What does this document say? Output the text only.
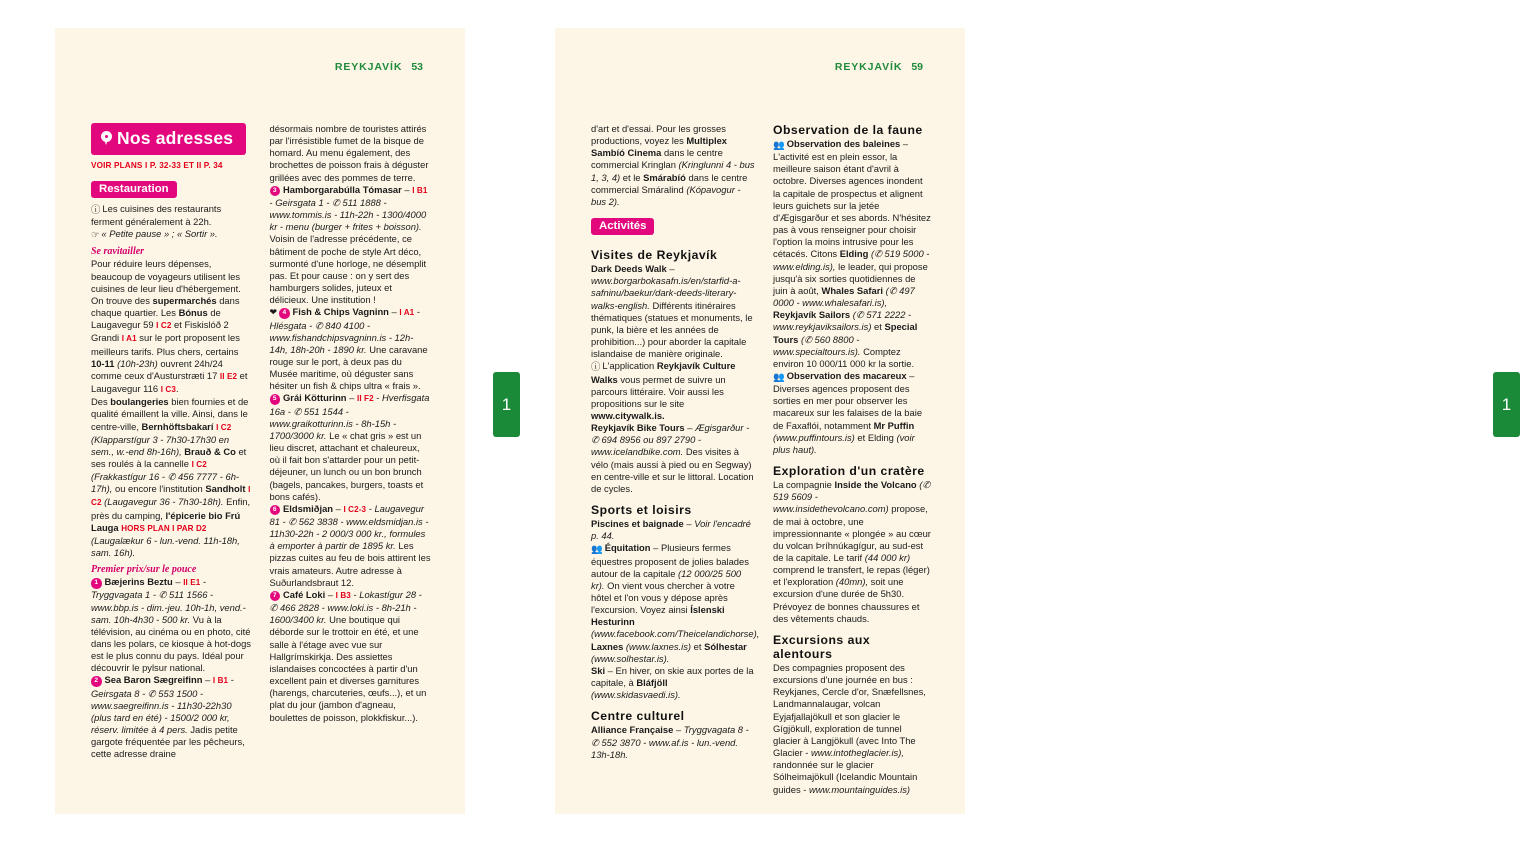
REYKJAVÍK 53
Nos adresses
VOIR PLANS I P. 32-33 ET II P. 34
Restauration
ⓘ Les cuisines des restaurants ferment généralement à 22h.
☞ « Petite pause » ; « Sortir ».
Se ravitailler
Pour réduire leurs dépenses, beaucoup de voyageurs utilisent les cuisines de leur lieu d'hébergement. On trouve des supermarchés dans chaque quartier. Les Bónus de Laugavegur 59 I C2 et Fiskislóð 2 Grandi I A1 sur le port proposent les meilleurs tarifs. Plus chers, certains 10-11 (10h-23h) ouvrent 24h/24 comme ceux d'Austurstræti 17 II E2 et Laugavegur 116 I C3.
Des boulangeries bien fournies et de qualité émaillent la ville. Ainsi, dans le centre-ville, Bernhöftsbakarí I C2 (Klapparstígur 3 - 7h30-17h30 en sem., w.-end 8h-16h), Brauð & Co et ses roulés à la cannelle I C2 (Frakkastígur 16 - ✆ 456 7777 - 6h-17h), ou encore l'institution Sandholt I C2 (Laugavegur 36 - 7h30-18h). Enfin, près du camping, l'épicerie bio Frú Lauga HORS PLAN I PAR D2 (Laugalækur 6 - lun.-vend. 11h-18h, sam. 16h).
Premier prix/sur le pouce
1 Bæjerins Beztu – II E1 - Tryggvagata 1 - ✆ 511 1566 - www.bbp.is - dim.-jeu. 10h-1h, vend.-sam. 10h-4h30 - 500 kr. Vu à la télévision, au cinéma ou en photo, cité dans les polars, ce kiosque à hot-dogs est le plus connu du pays. Idéal pour découvrir le pylsur national.
2 Sea Baron Sægreifinn – I B1 - Geirsgata 8 - ✆ 553 1500 - www.saegreifinn.is - 11h30-22h30 (plus tard en été) - 1500/2 000 kr, réserv. limitée à 4 pers. Jadis petite gargote fréquentée par les pêcheurs, cette adresse draine
désormais nombre de touristes attirés par l'irrésistible fumet de la bisque de homard. Au menu également, des brochettes de poisson frais à déguster grillées avec des pommes de terre.
3 Hamborgarabúlla Tómasar – I B1 - Geirsgata 1 - ✆ 511 1888 - www.tommis.is - 11h-22h - 1300/4000 kr - menu (burger + frites + boisson). Voisin de l'adresse précédente, ce bâtiment de poche de style Art déco, surmonté d'une horloge, ne désemplit pas. Et pour cause : on y sert des hamburgers solides, juteux et délicieux. Une institution !
❤ 4 Fish & Chips Vagninn – I A1 - Hlésgata - ✆ 840 4100 - www.fishandchipsvagninn.is - 12h-14h, 18h-20h - 1890 kr. Une caravane rouge sur le port, à deux pas du Musée maritime, où déguster sans hésiter un fish & chips ultra « frais ».
5 Grái Kötturinn – II F2 - Hverfisgata 16a - ✆ 551 1544 - www.graikotturinn.is - 8h-15h - 1700/3000 kr. Le « chat gris » est un lieu discret, attachant et chaleureux, où il fait bon s'attarder pour un petit-déjeuner, un lunch ou un bon brunch (bagels, pancakes, burgers, toasts et bons cafés).
6 Eldsmiðjan – I C2-3 - Laugavegur 81 - ✆ 562 3838 - www.eldsmidjan.is - 11h30-22h - 2 000/3 000 kr., formules à emporter à partir de 1895 kr. Les pizzas cuites au feu de bois attirent les vrais amateurs. Autre adresse à Suðurlandsbraut 12.
7 Café Loki – I B3 - Lokastígur 28 - ✆ 466 2828 - www.loki.is - 8h-21h - 1600/3400 kr. Une boutique qui déborde sur le trottoir en été, et une salle à l'étage avec vue sur Hallgrímskirkja. Des assiettes islandaises concoctées à partir d'un excellent pain et diverses garnitures (harengs, charcuteries, œufs...), et un plat du jour (jambon d'agneau, boulettes de poisson, plokkfiskur...).
1
REYKJAVÍK 59
d'art et d'essai. Pour les grosses productions, voyez les Multiplex Sambíó Cinema dans le centre commercial Kringlan (Kringlunni 4 - bus 1, 3, 4) et le Smárabíó dans le centre commercial Smáralind (Kópavogur - bus 2).
Activités
Visites de Reykjavík
Dark Deeds Walk – www.borgarbokasafn.is/en/starfid-a-safninu/baekur/dark-deeds-literary-walks-english. Différents itinéraires thématiques (statues et monuments, le punk, la bière et les années de prohibition...) pour aborder la capitale islandaise de manière originale.
ⓘ L'application Reykjavík Culture Walks vous permet de suivre un parcours littéraire. Voir aussi les propositions sur le site www.citywalk.is.
Reykjavík Bike Tours – Ægisgarður - ✆ 694 8956 ou 897 2790 - www.icelandbike.com. Des visites à vélo (mais aussi à pied ou en Segway) en centre-ville et sur le littoral. Location de cycles.
Sports et loisirs
Piscines et baignade – Voir l'encadré p. 44.
👥 Équitation – Plusieurs fermes équestres proposent de jolies balades autour de la capitale (12 000/25 500 kr). On vient vous chercher à votre hôtel et l'on vous y dépose après l'excursion. Voyez ainsi Íslenski Hesturinn (www.facebook.com/Theicelandichorse), Laxnes (www.laxnes.is) et Sólhestar (www.solhestar.is).
Ski – En hiver, on skie aux portes de la capitale, à Bláfjöll (www.skidasvaedi.is).
Centre culturel
Alliance Française – Tryggvagata 8 - ✆ 552 3870 - www.af.is - lun.-vend. 13h-18h.
Observation de la faune
👥 Observation des baleines – L'activité est en plein essor, la meilleure saison étant d'avril à octobre. Diverses agences inondent la capitale de prospectus et alignent leurs guichets sur la jetée d'Ægisgarður et ses abords. N'hésitez pas à vous renseigner pour choisir l'option la moins intrusive pour les cétacés. Citons Elding (✆ 519 5000 - www.elding.is), le leader, qui propose jusqu'à six sorties quotidiennes de juin à août, Whales Safari (✆ 497 0000 - www.whalesafari.is), Reykjavík Sailors (✆ 571 2222 - www.reykjaviksailors.is) et Special Tours (✆ 560 8800 - www.specialtours.is). Comptez environ 10 000/11 000 kr la sortie.
👥 Observation des macareux – Diverses agences proposent des sorties en mer pour observer les macareux sur les falaises de la baie de Faxaflói, notamment Mr Puffin (www.puffintours.is) et Elding (voir plus haut).
Exploration d'un cratère
La compagnie Inside the Volcano (✆ 519 5609 - www.insidethevolcano.com) propose, de mai à octobre, une impressionnante « plongée » au cœur du volcan Þríhnúkagígur, au sud-est de la capitale. Le tarif (44 000 kr) comprend le transfert, le repas (léger) et l'exploration (40mn), soit une excursion d'une durée de 5h30. Prévoyez de bonnes chaussures et des vêtements chauds.
Excursions aux alentours
Des compagnies proposent des excursions d'une journée en bus : Reykjanes, Cercle d'or, Snæfellsnes, Landmannalaugar, volcan Eyjafjallajökull et son glacier le Gígjökull, exploration de tunnel glacier à Langjökull (avec Into The Glacier - www.intotheglacier.is), randonnée sur le glacier Sólheimajökull (Icelandic Mountain guides - www.mountainguides.is)
1
